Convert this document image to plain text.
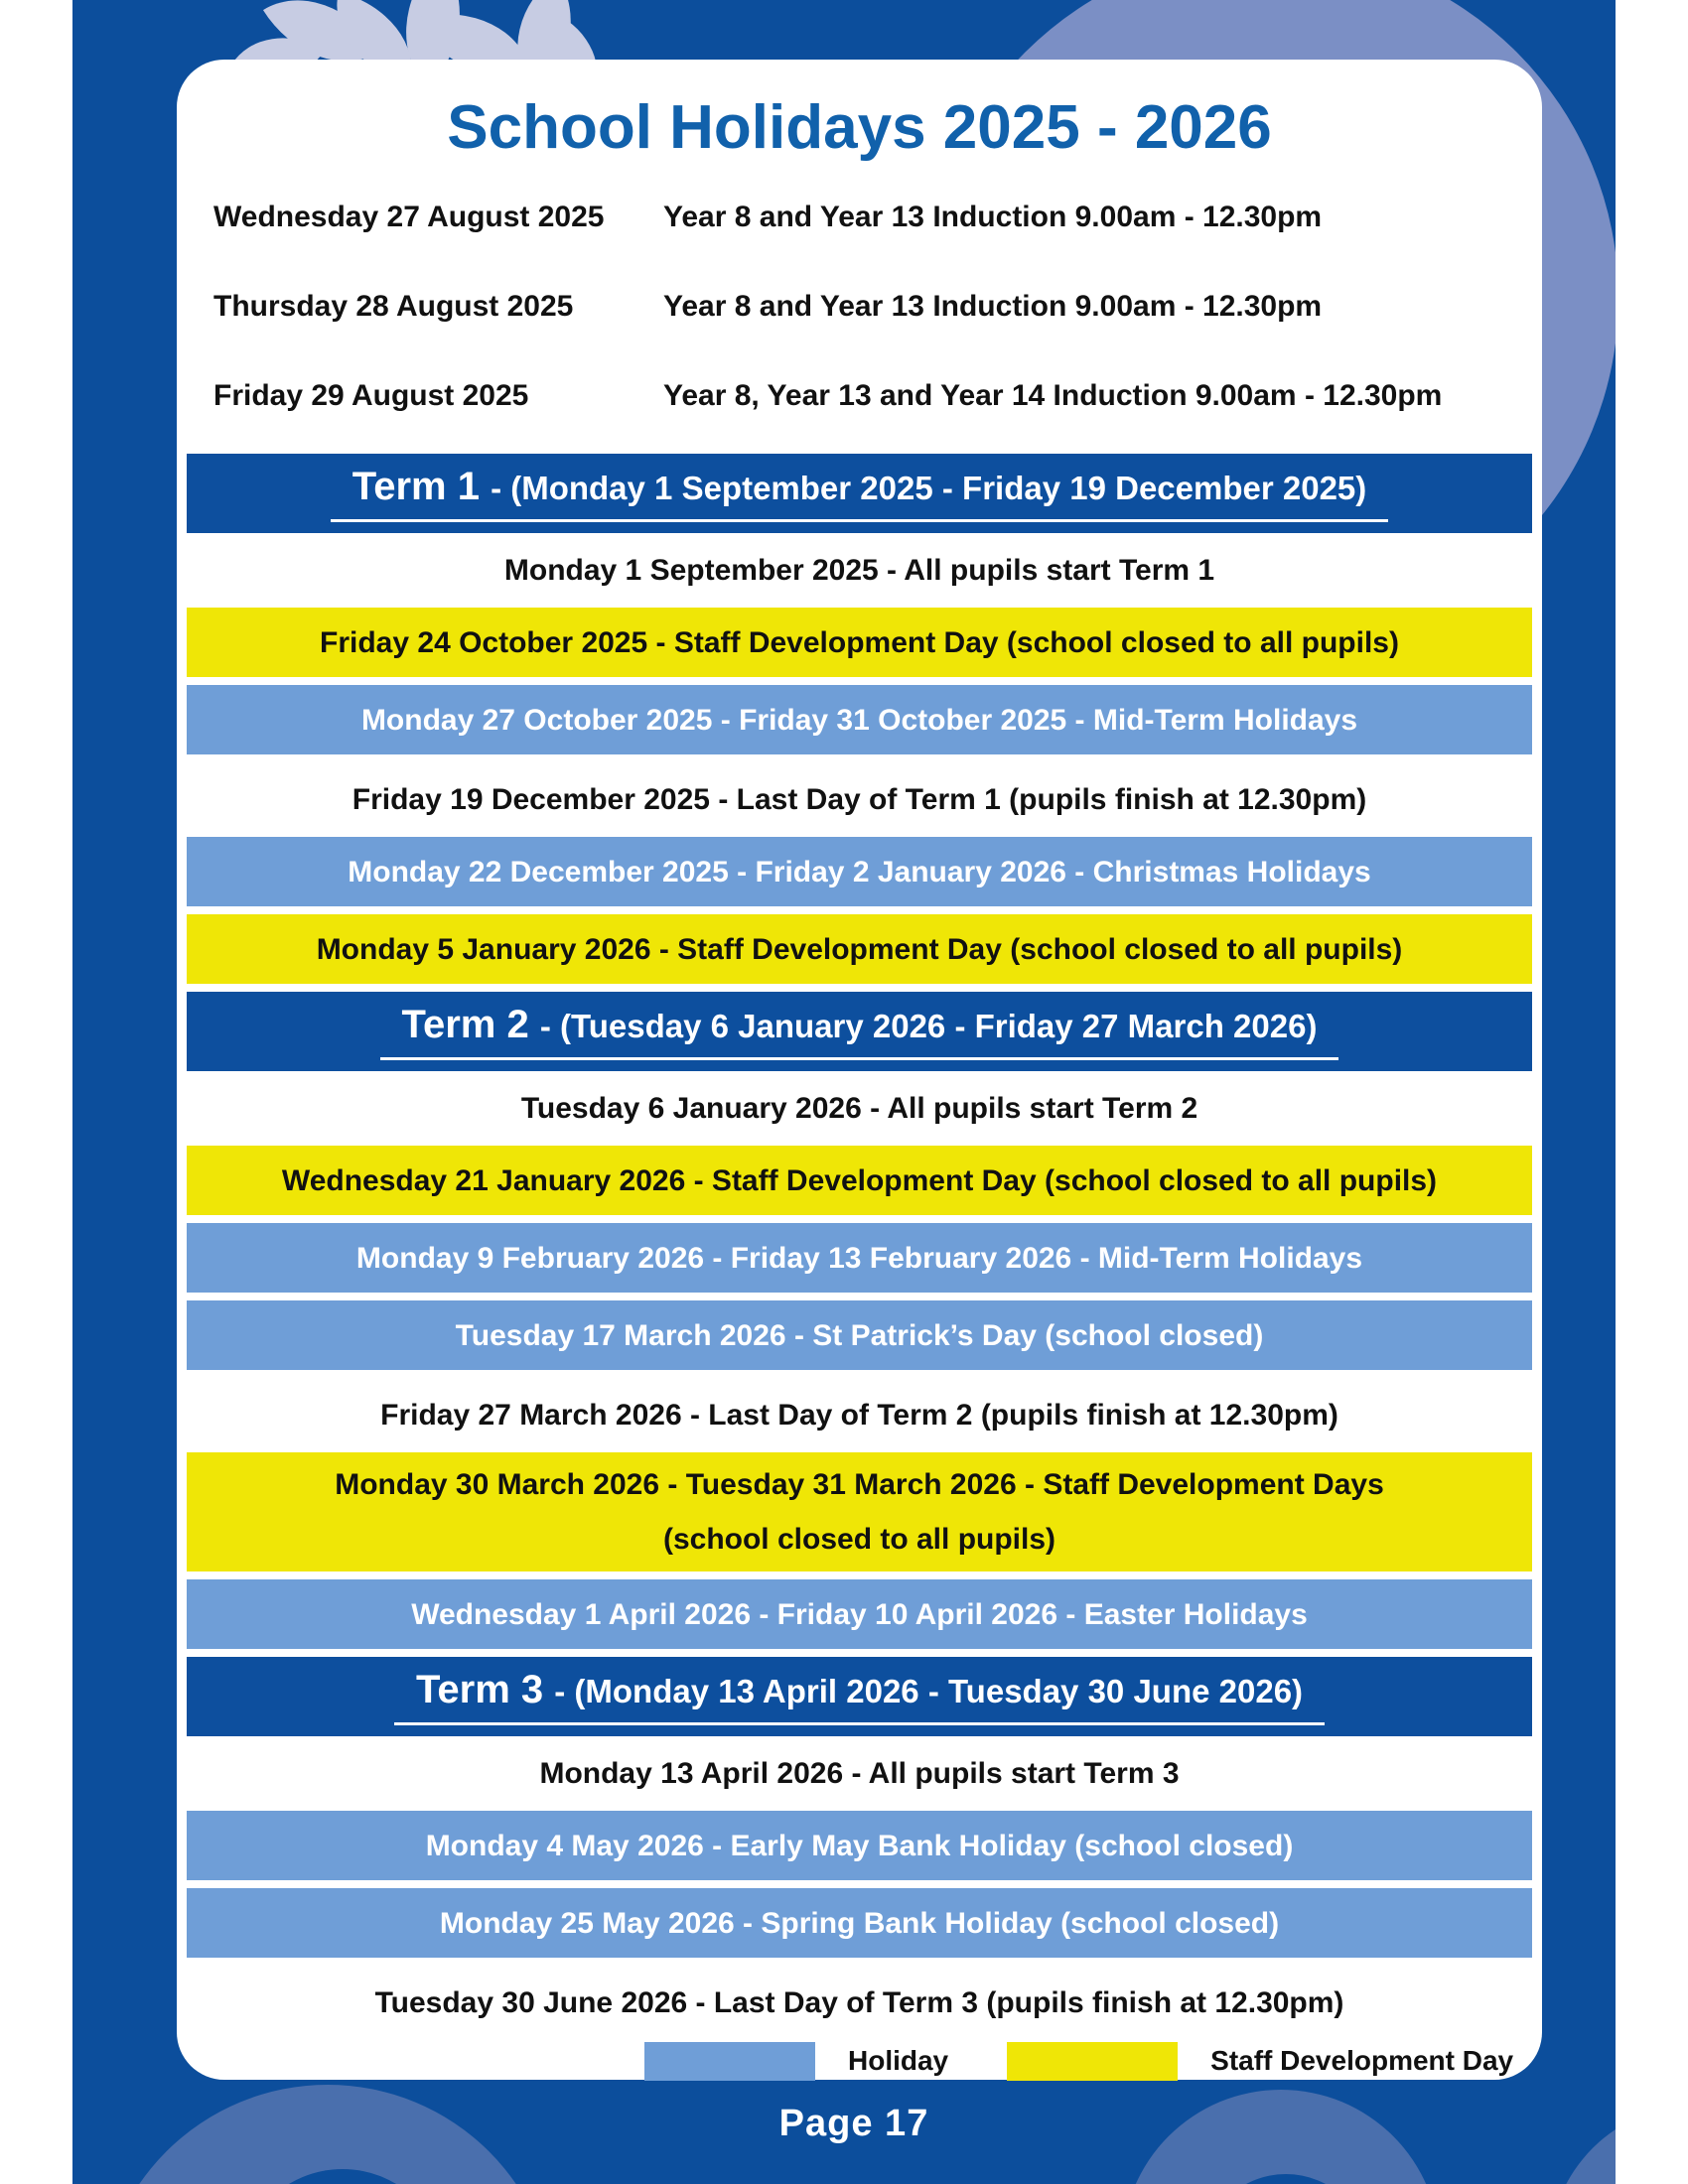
Page 17
School Holidays 2025 - 2026
Wednesday 27 August 2025	Year 8 and Year 13 Induction 9.00am - 12.30pm
Thursday 28 August 2025	Year 8 and Year 13 Induction 9.00am - 12.30pm
Friday 29 August 2025	Year 8, Year 13 and Year 14 Induction 9.00am - 12.30pm
Term 1 - (Monday 1 September 2025 - Friday 19 December 2025)
Monday 1 September 2025 - All pupils start Term 1
Friday 24 October 2025 - Staff Development Day (school closed to all pupils)
Monday 27 October 2025 - Friday 31 October 2025 - Mid-Term Holidays
Friday 19 December 2025 - Last Day of Term 1 (pupils finish at 12.30pm)
Monday 22 December 2025 - Friday 2 January 2026 - Christmas Holidays
Monday 5 January 2026 - Staff Development Day (school closed to all pupils)
Term 2 - (Tuesday 6 January 2026 - Friday 27 March 2026)
Tuesday 6 January 2026 - All pupils start Term 2
Wednesday 21 January 2026 - Staff Development Day (school closed to all pupils)
Monday 9 February 2026 - Friday 13 February 2026 - Mid-Term Holidays
Tuesday 17 March 2026 - St Patrick’s Day (school closed)
Friday 27 March 2026 - Last Day of Term 2 (pupils finish at 12.30pm)
Monday 30 March 2026 - Tuesday 31 March 2026 - Staff Development Days
(school closed to all pupils)
Wednesday 1 April 2026 - Friday 10 April 2026 - Easter Holidays
Term 3 - (Monday 13 April 2026 - Tuesday 30 June 2026)
Monday 13 April 2026 - All pupils start Term 3
Monday 4 May 2026 - Early May Bank Holiday (school closed)
Monday 25 May 2026 - Spring Bank Holiday (school closed)
Tuesday 30 June 2026 - Last Day of Term 3 (pupils finish at 12.30pm)
Holiday	Staff Development Day
